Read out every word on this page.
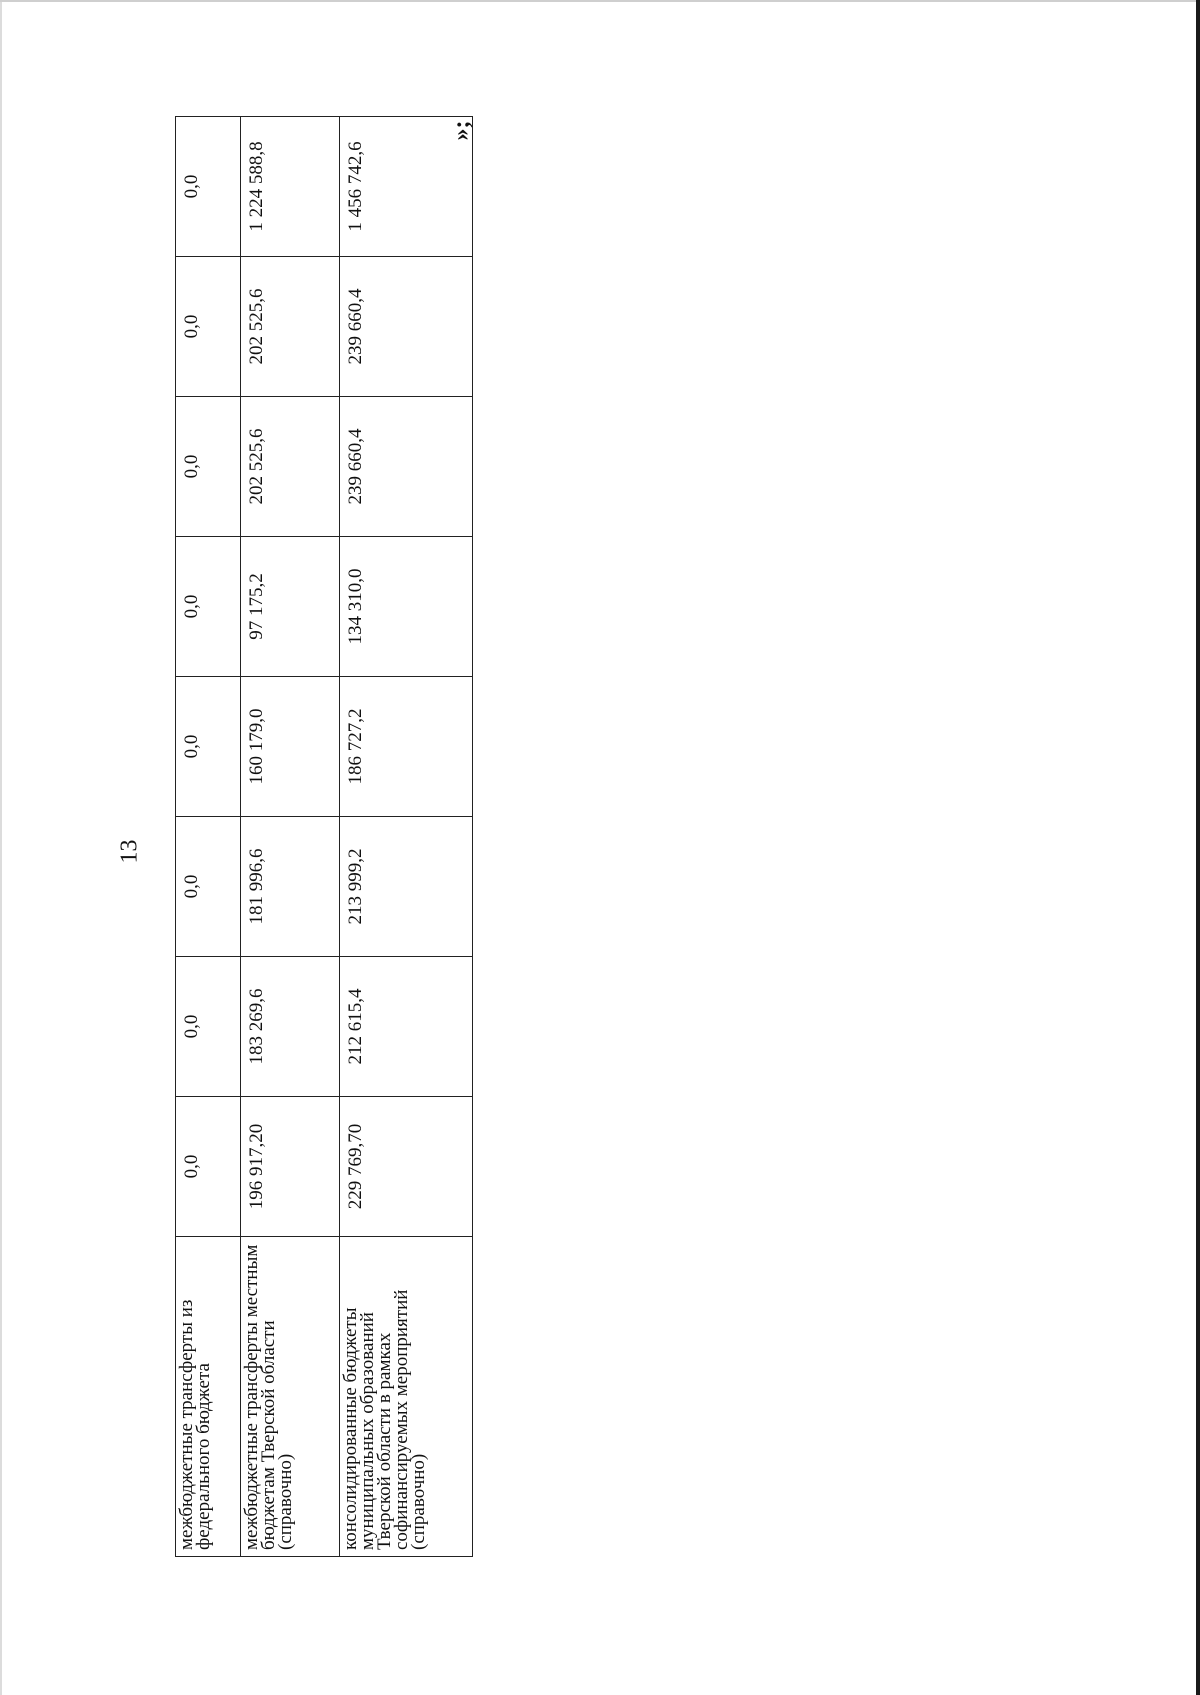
13
межбюджетные трансферты из федерального бюджета	0,0	0,0	0,0	0,0	0,0	0,0	0,0	0,0
межбюджетные трансферты местным бюджетам Тверской области (справочно)	196 917,20	183 269,6	181 996,6	160 179,0	97 175,2	202 525,6	202 525,6	1 224 588,8
консолидированные бюджеты муниципальных образований Тверской области в рамках софинансируемых мероприятий (справочно)	229 769,70	212 615,4	213 999,2	186 727,2	134 310,0	239 660,4	239 660,4	1 456 742,6
»;
